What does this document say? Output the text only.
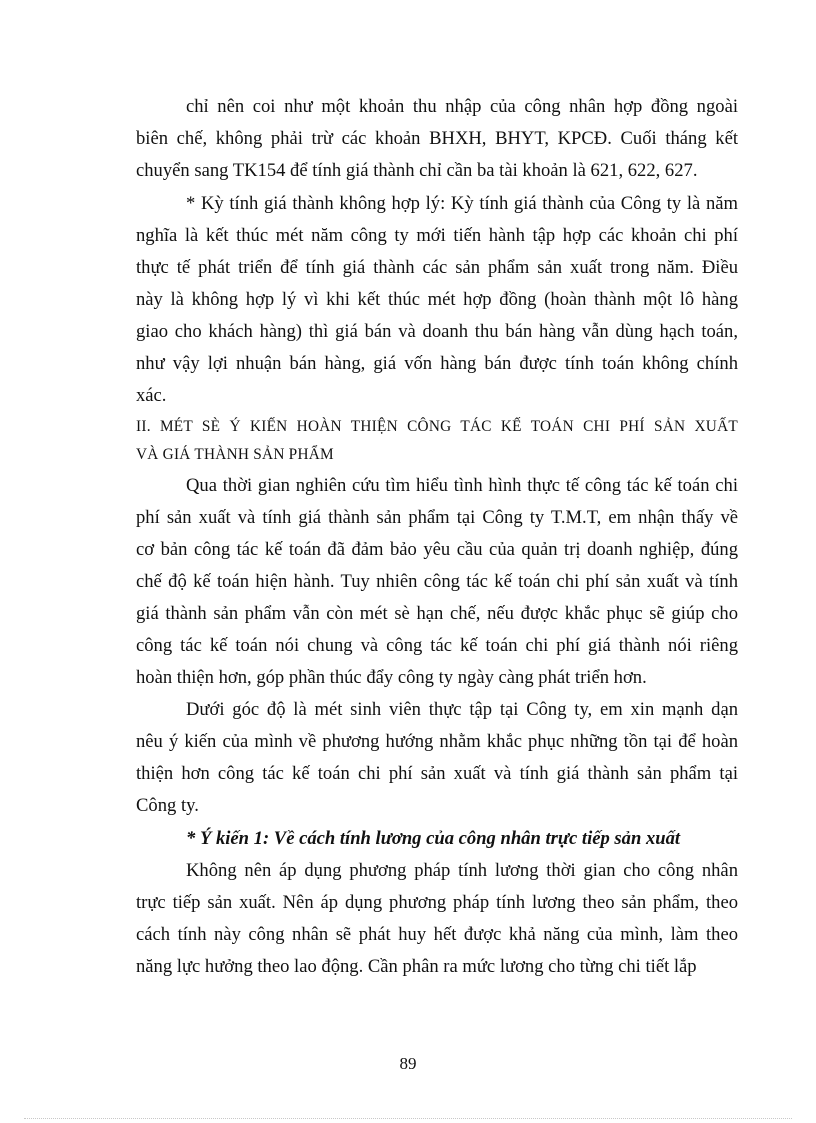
chỉ nên coi như một khoản thu nhập của công nhân hợp đồng ngoài
biên chế, không phải trừ các khoản BHXH, BHYT, KPCĐ. Cuối tháng kết
chuyển sang TK154 để tính giá thành chỉ cần ba tài khoản là 621, 622, 627.
* Kỳ tính giá thành không hợp lý: Kỳ tính giá thành của Công ty là năm
nghĩa là kết thúc mét năm công ty mới tiến hành tập hợp các khoản chi phí
thực tế phát triển để tính giá thành các sản phẩm sản xuất trong năm. Điều
này là không hợp lý vì khi kết thúc mét hợp đồng (hoàn thành một lô hàng
giao cho khách hàng) thì giá bán và doanh thu bán hàng vẫn dùng hạch toán,
như vậy lợi nhuận bán hàng, giá vốn hàng bán được tính toán không chính
xác.
II. MÉT SÈ Ý KIẾN HOÀN THIỆN CÔNG TÁC KẾ TOÁN CHI PHÍ SẢN XUẤT
VÀ GIÁ THÀNH SẢN PHẨM
Qua thời gian nghiên cứu tìm hiểu tình hình thực tế công tác kế toán chi
phí sản xuất và tính giá thành sản phẩm tại Công ty T.M.T, em nhận thấy về
cơ bản công tác kế toán đã đảm bảo yêu cầu của quản trị doanh nghiệp, đúng
chế độ kế toán hiện hành. Tuy nhiên công tác kế toán chi phí sản xuất và tính
giá thành sản phẩm vẫn còn mét sè hạn chế, nếu được khắc phục sẽ giúp cho
công tác kế toán nói chung và công tác kế toán chi phí giá thành nói riêng
hoàn thiện hơn, góp phần thúc đẩy công ty ngày càng phát triển hơn.
Dưới góc độ là mét sinh viên thực tập tại Công ty, em xin mạnh dạn
nêu ý kiến của mình về phương hướng nhằm khắc phục những tồn tại để hoàn
thiện hơn công tác kế toán chi phí sản xuất và tính giá thành sản phẩm tại
Công ty.
* Ý kiến 1: Về cách tính lương của công nhân trực tiếp sản xuất
Không nên áp dụng phương pháp tính lương thời gian cho công nhân
trực tiếp sản xuất. Nên áp dụng phương pháp tính lương theo sản phẩm, theo
cách tính này công nhân sẽ phát huy hết được khả năng của mình, làm theo
năng lực hưởng theo lao động. Cần phân ra mức lương cho từng chi tiết lắp
89
